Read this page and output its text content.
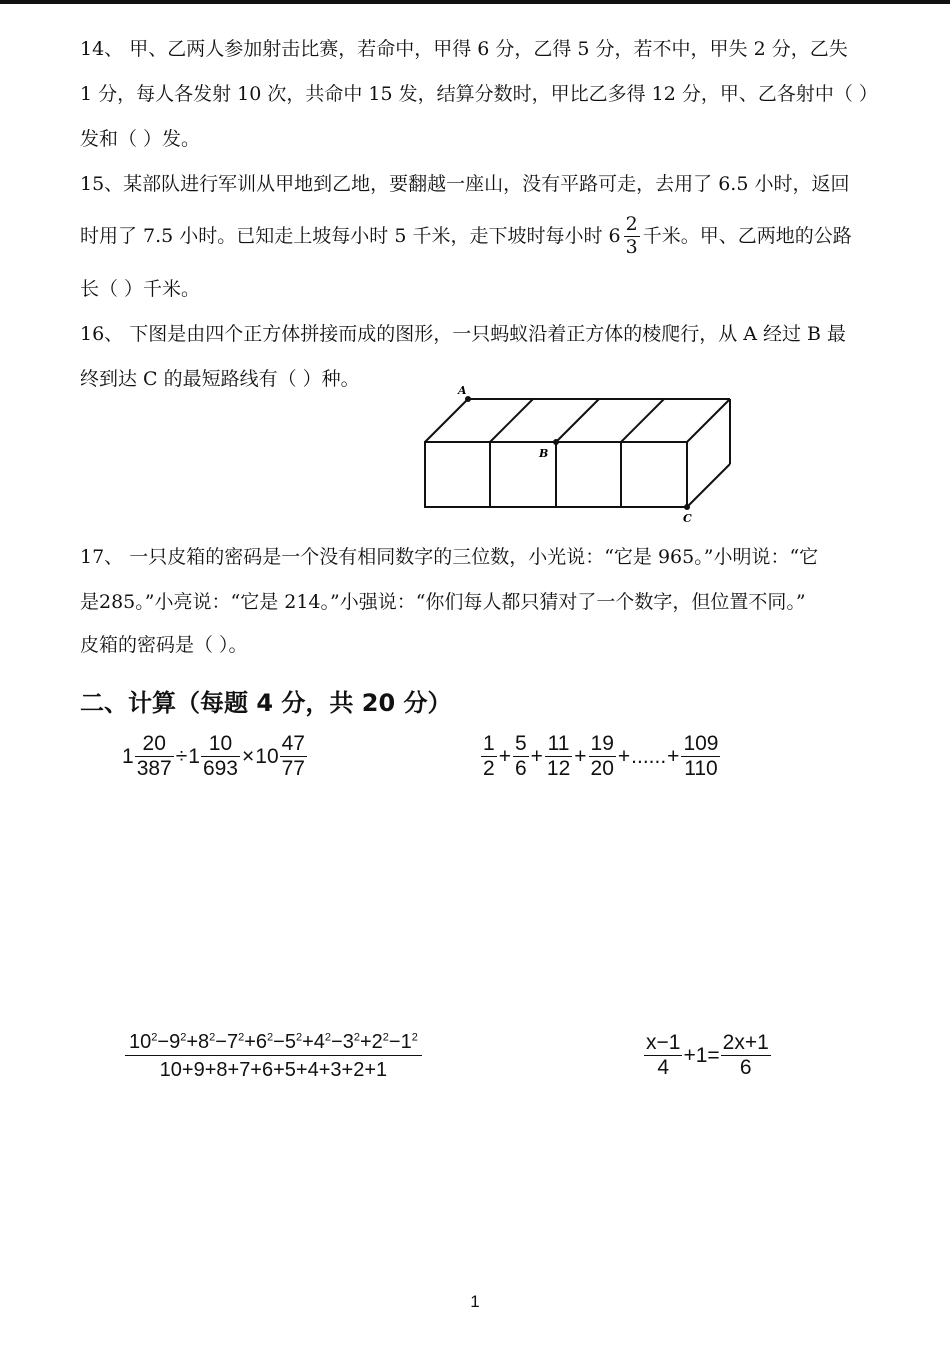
14、 甲、乙两人参加射击比赛，若命中，甲得 6 分，乙得 5 分，若不中，甲失 2 分，乙失
1 分，每人各发射 10 次，共命中 15 发，结算分数时，甲比乙多得 12 分，甲、乙各射中（ ）
发和（ ）发。
15、某部队进行军训从甲地到乙地，要翻越一座山，没有平路可走，去用了 6.5 小时，返回
时用了 7.5 小时。已知走上坡每小时 5 千米，走下坡时每小时 $6 \frac{2}{3}$ 千米。甲、乙两地的公路
长（ ）千米。
16、 下图是由四个正方体拼接而成的图形，一只蚂蚁沿着正方体的棱爬行，从 A 经过 B 最
终到达 C 的最短路线有（ ）种。
A
B
C
17、 一只皮箱的密码是一个没有相同数字的三位数，小光说：“它是 965。”小明说：“它
是285。”小亮说：“它是 214。”小强说：“你们每人都只猜对了一个数字，但位置不同。”
皮箱的密码是（ ）。
二、计算（每题 4 分，共 20 分）
$1 \frac{20}{387} \div 1 \frac{10}{693} \times 10 \frac{47}{77}$	$\frac{1}{2} + \frac{5}{6} + \frac{11}{12} + \frac{19}{20}$ + ...... + $\frac{109}{110}$
$\frac{10^2-9^2+8^2-7^2+6^2-5^2+4^2-3^2+2^2-1^2}{10+9+8+7+6+5+4+3+2+1}$	$\frac{x-1}{4} +1= \frac{2x+1}{6}$
1
